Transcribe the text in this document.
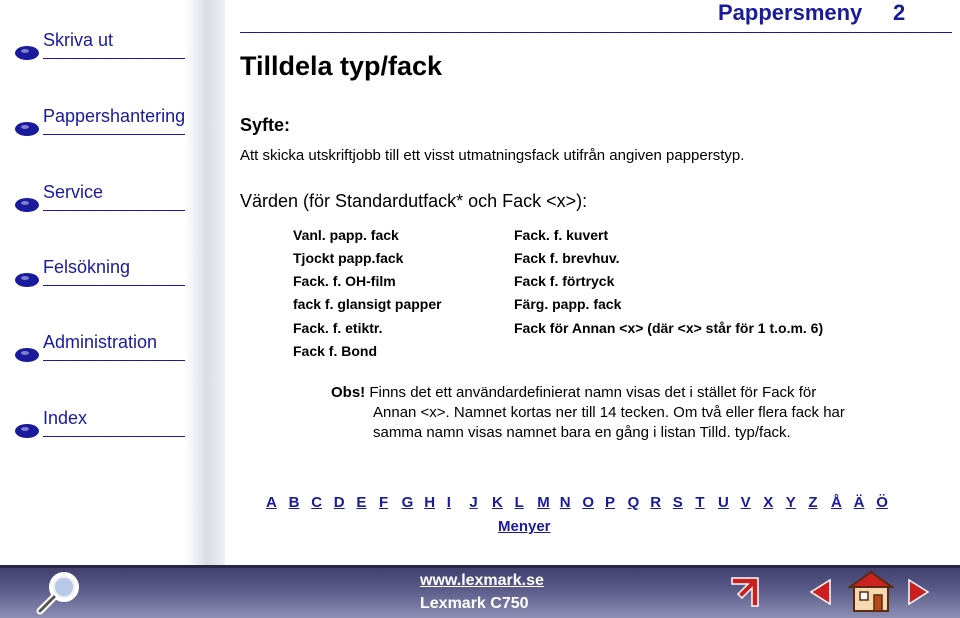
Skriva ut
Pappershantering
Service
Felsökning
Administration
Index
Pappersmeny 2
Tilldela typ/fack
Syfte:
Att skicka utskriftjobb till ett visst utmatningsfack utifrån angiven papperstyp.
Värden (för Standardutfack* och Fack <x>):
Vanl. papp. fack
Tjockt papp.fack
Fack. f. OH-film
fack f. glansigt papper
Fack. f. etiktr.
Fack f. Bond
Fack. f. kuvert
Fack f. brevhuv.
Fack f. förtryck
Färg. papp. fack
Fack för Annan <x> (där <x> står för 1 t.o.m. 6)
Obs! Finns det ett användardefinierat namn visas det i stället för Fack för
Annan <x>. Namnet kortas ner till 14 tecken. Om två eller flera fack har
samma namn visas namnet bara en gång i listan Tilld. typ/fack.
A B C D E F G H I J K L M N O P Q R S T U V X Y Z Å Ä Ö
Menyer
www.lexmark.se
Lexmark C750
